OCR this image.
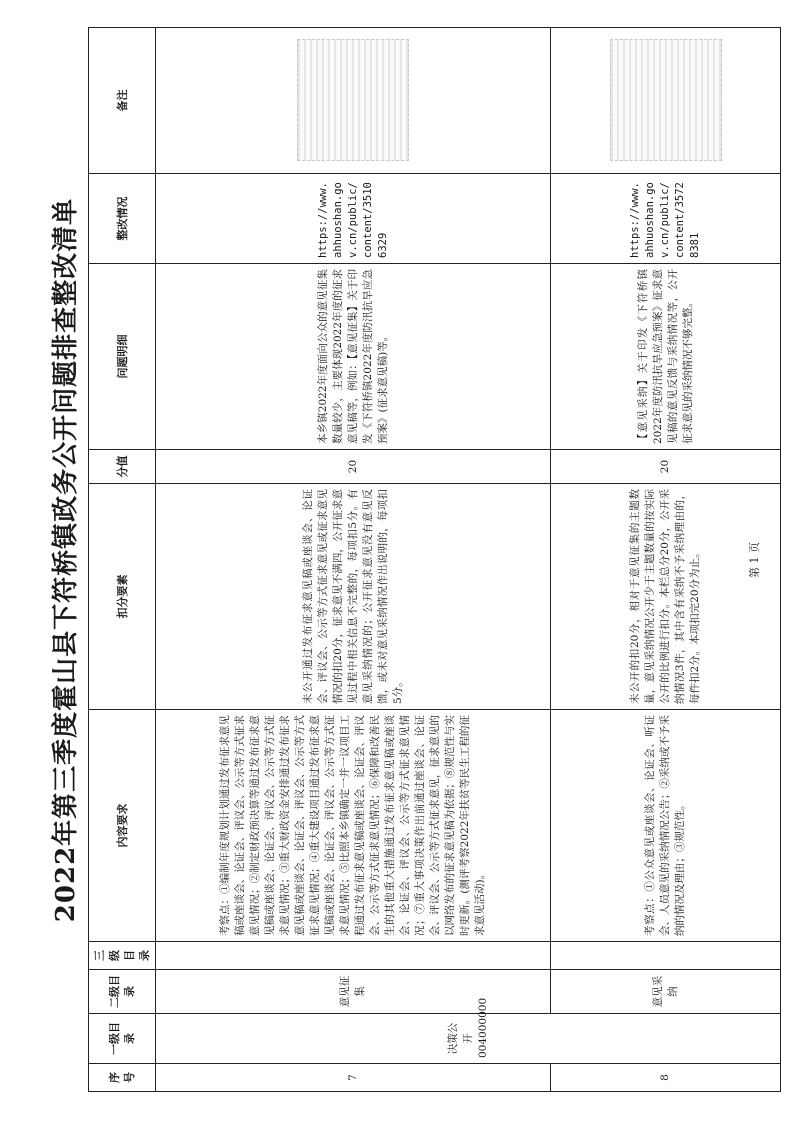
2022年第三季度霍山县下符桥镇政务公开问题排查整改清单
序号	一级目录	二级目录	三级目录	内容要求	扣分要素	分值	问题明细	整改情况	备注
7	决策公开 004000000	意见征集		考察点：①编制年度规划计划通过发布征求意见稿或座谈会、论证会、评议会、公示等方式征求意见情况；②制定财政预决算等通过发布征求意见稿或座谈会、论证会、评议会、公示等方式征求意见情况；③重大财政资金安排通过发布征求意见稿或座谈会、论证会、评议会、公示等方式征求意见情况；④重大建设项目通过发布征求意见稿或座谈会、论证会、评议会、公示等方式征求意见情况；⑤比照本乡镇确定一并一议项目工程通过发布征求意见稿或座谈会、论证会、评议会、公示等方式征求意见情况；⑥保障和改善民生的其他重大措施通过发布征求意见稿或座谈会、论证会、评议会、公示等方式征求意见情况；⑦重大事项决策作出前通过座谈会、论证会、评议会、公示等方式征求意见，征求意见的以网络发布的征求意见稿为依据；⑧规范性与实时更新。(测评考察2022年扶贫等民生工程的征求意见活动)。	未公开通过发布征求意见稿或座谈会、论证会、评议会、公示等方式征求意见或征求意见情况的扣20分，征求意见不满四，公开征求意见过程中相关信息不完整的，每项扣5分。有意见采纳情况的；公开征求意见没有意见反馈，或未对意见采纳情况作出说明的，每项扣5分。	20	本乡镇2022年度面向公众的意见征集数量较少，主要体现2022年度的征求意见稿等，例如：【意见征集】关于印发《下符桥镇2022年度防汛抗旱应急预案》(征求意见稿)等。	https://www.ahhuoshan.gov.cn/public/content/35106329	

8		意见采纳		考察点：①公众意见或座谈会、论证会、听证会、人员意见的采纳情况公告；②采纳或不予采纳的情况及理由；③规范性。	未公开的扣20分，相对于意见征集的主题数量，意见采纳情况公开少于主题数量的按实际公开的比例进行扣分。本栏总分20分，公开采纳情况3件，其中含有采纳不予采纳理由的，每件扣2分。本项扣完20分为止。	20	【意见采纳】关于印发《下符桥镇2022年度防汛抗旱应急预案》征求意见稿的意见反馈与采纳情况等，公开征求意见的采纳情况不够完整。	https://www.ahhuoshan.gov.cn/public/content/35728381	
第 1 页
